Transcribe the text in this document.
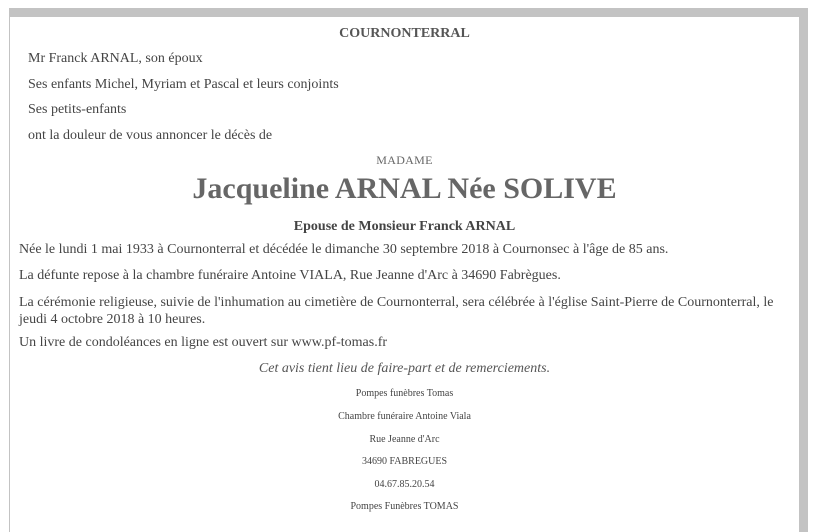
COURNONTERRAL
Mr Franck ARNAL, son époux
Ses enfants Michel, Myriam et Pascal et leurs conjoints
Ses petits-enfants
ont la douleur de vous annoncer le décès de
MADAME
Jacqueline ARNAL Née SOLIVE
Epouse de Monsieur Franck ARNAL
Née le lundi 1 mai 1933 à Cournonterral et décédée le dimanche 30 septembre 2018 à Cournonsec à l'âge de 85 ans.
La défunte repose à la chambre funéraire Antoine VIALA, Rue Jeanne d'Arc à 34690 Fabrègues.
La cérémonie religieuse, suivie de l'inhumation au cimetière de Cournonterral, sera célébrée à l'église Saint-Pierre de Cournonterral, le jeudi 4 octobre 2018 à 10 heures.
Un livre de condoléances en ligne est ouvert sur www.pf-tomas.fr
Cet avis tient lieu de faire-part et de remerciements.
Pompes funèbres Tomas
Chambre funéraire Antoine Viala
Rue Jeanne d'Arc
34690 FABREGUES
04.67.85.20.54
Pompes Funèbres TOMAS
